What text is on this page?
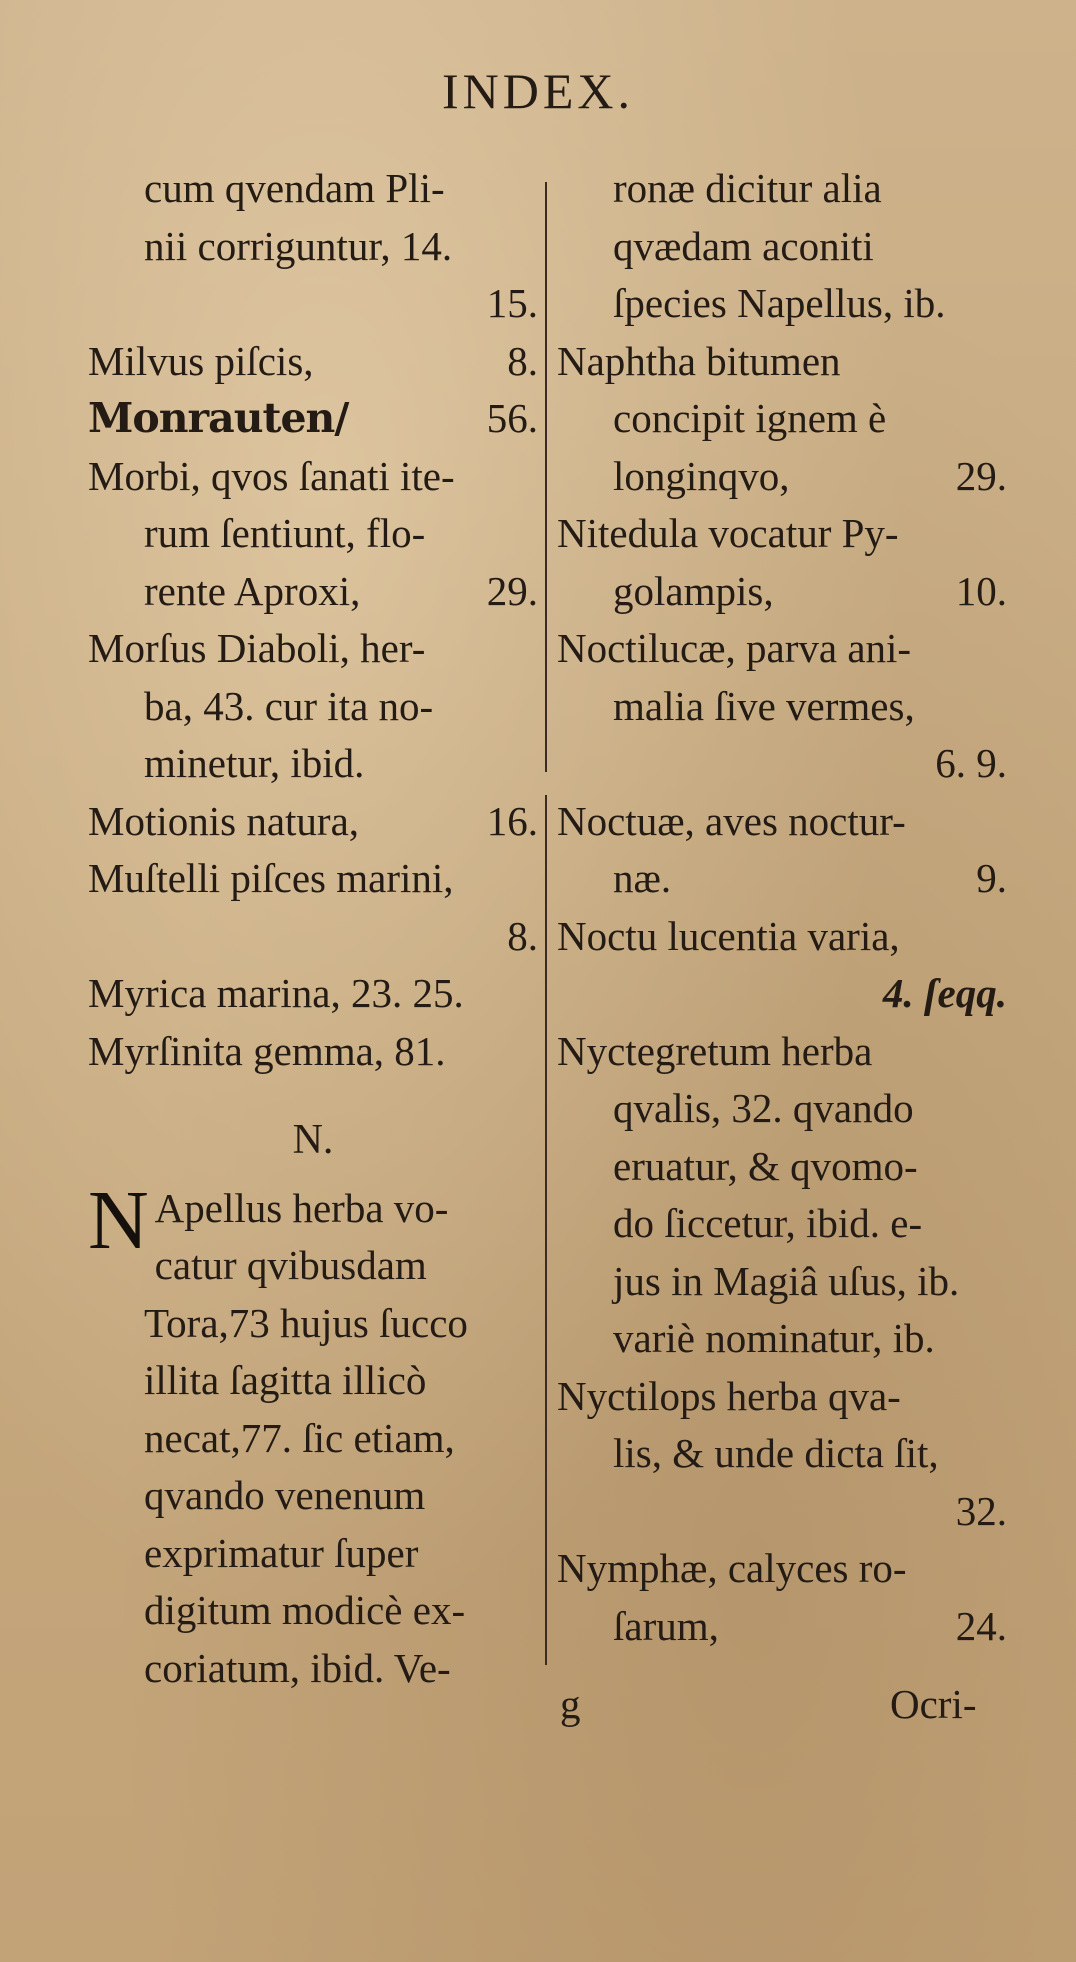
INDEX.
cum qvendam Pli-
nii corriguntur, 14.
15.
Milvus piſcis,	8.
Monrauten/	56.
Morbi, qvos ſanati ite-
rum ſentiunt, flo-
rente Aproxi,	29.
Morſus Diaboli, her-
ba, 43. cur ita no-
minetur, ibid.
Motionis natura,	16.
Muſtelli piſces marini,
8.
Myrica marina, 23. 25.
Myrſinita gemma, 81.
N.
N Apellus herba vo-
catur qvibusdam
Tora,73 hujus ſucco
illita ſagitta illicò
necat,77. ſic etiam,
qvando venenum
exprimatur ſuper
digitum modicè ex-
coriatum, ibid. Ve-
ronæ dicitur alia
qvædam aconiti
ſpecies Napellus, ib.
Naphtha bitumen
concipit ignem è
longinqvo,	29.
Nitedula vocatur Py-
golampis,	10.
Noctilucæ, parva ani-
malia ſive vermes,
6. 9.
Noctuæ, aves noctur-
næ.	9.
Noctu lucentia varia,
4. ſeqq.
Nyctegretum herba
qvalis, 32. qvando
eruatur, & qvomo-
do ſiccetur, ibid. e-
jus in Magiâ uſus, ib.
variè nominatur, ib.
Nyctilops herba qva-
lis, & unde dicta ſit,
32.
Nymphæ, calyces ro-
ſarum,	24.
g	Ocri-
